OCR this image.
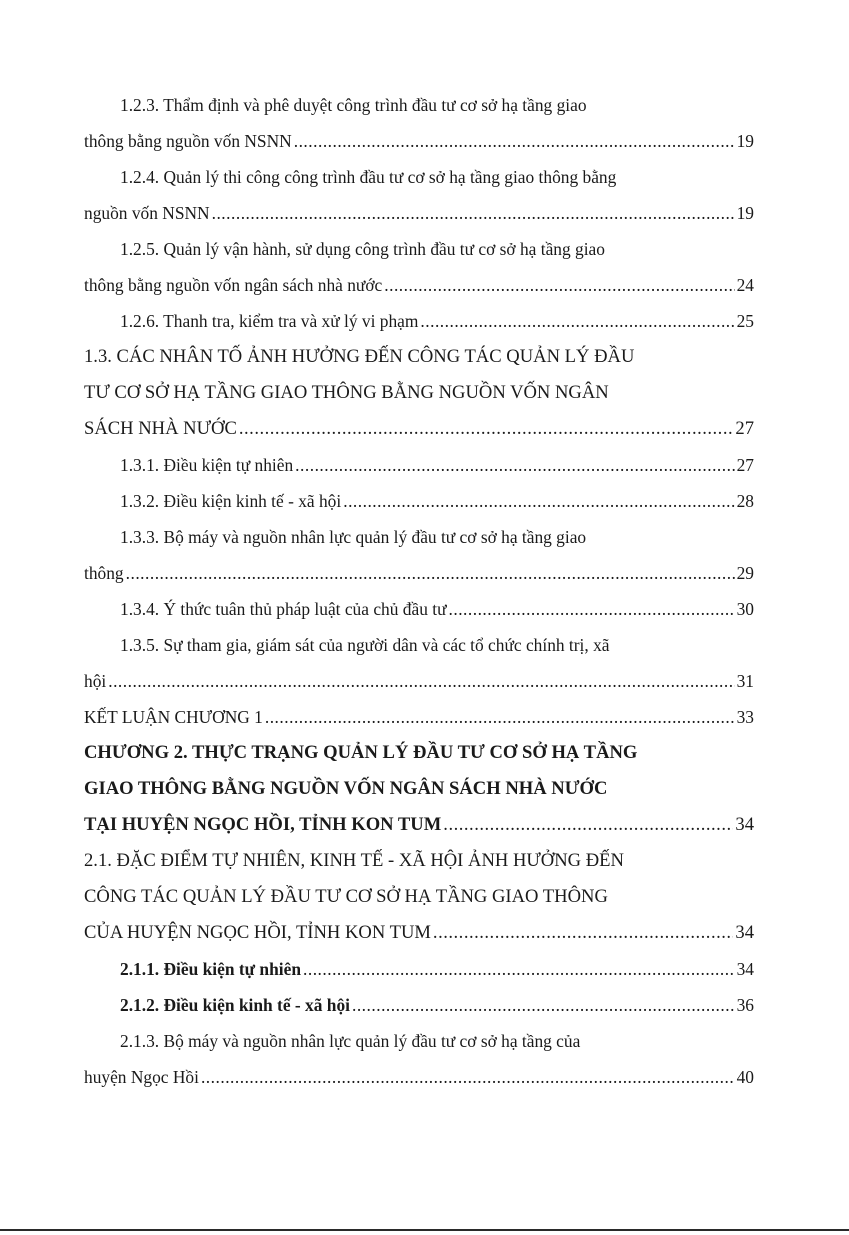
1.2.3. Thẩm định và phê duyệt công trình đầu tư cơ sở hạ tầng giao
thông bằng nguồn vốn NSNN .....	19
1.2.4. Quản lý thi công công trình đầu tư cơ sở hạ tầng giao thông bằng
nguồn vốn NSNN .....	19
1.2.5. Quản lý vận hành, sử dụng công trình đầu tư cơ sở hạ tầng giao
thông bằng nguồn vốn ngân sách nhà nước .....	24
1.2.6. Thanh tra, kiểm tra và xử lý vi phạm .....	25
1.3. CÁC NHÂN TỐ ẢNH HƯỞNG ĐẾN CÔNG TÁC QUẢN LÝ ĐẦU
TƯ CƠ SỞ HẠ TẦNG GIAO THÔNG BẰNG NGUỒN VỐN NGÂN
SÁCH NHÀ NƯỚC .....	27
1.3.1. Điều kiện tự nhiên .....	27
1.3.2. Điều kiện kinh tế - xã hội .....	28
1.3.3. Bộ máy và nguồn nhân lực quản lý đầu tư cơ sở hạ tầng giao
thông .....	29
1.3.4. Ý thức tuân thủ pháp luật của chủ đầu tư .....	30
1.3.5. Sự tham gia, giám sát của người dân và các tổ chức chính trị, xã
hội .....	31
KẾT LUẬN CHƯƠNG 1 .....	33
CHƯƠNG 2. THỰC TRẠNG QUẢN LÝ ĐẦU TƯ CƠ SỞ HẠ TẦNG
GIAO THÔNG BẰNG NGUỒN VỐN NGÂN SÁCH NHÀ NƯỚC
TẠI HUYỆN NGỌC HỒI, TỈNH KON TUM .....	34
2.1. ĐẶC ĐIỂM TỰ NHIÊN, KINH TẾ - XÃ HỘI ẢNH HƯỞNG ĐẾN
CÔNG TÁC QUẢN LÝ ĐẦU TƯ CƠ SỞ HẠ TẦNG GIAO THÔNG
CỦA HUYỆN NGỌC HỒI, TỈNH KON TUM .....	34
2.1.1. Điều kiện tự nhiên .....	34
2.1.2. Điều kiện kinh tế - xã hội .....	36
2.1.3. Bộ máy và nguồn nhân lực quản lý đầu tư cơ sở hạ tầng của
huyện Ngọc Hồi .....	40
